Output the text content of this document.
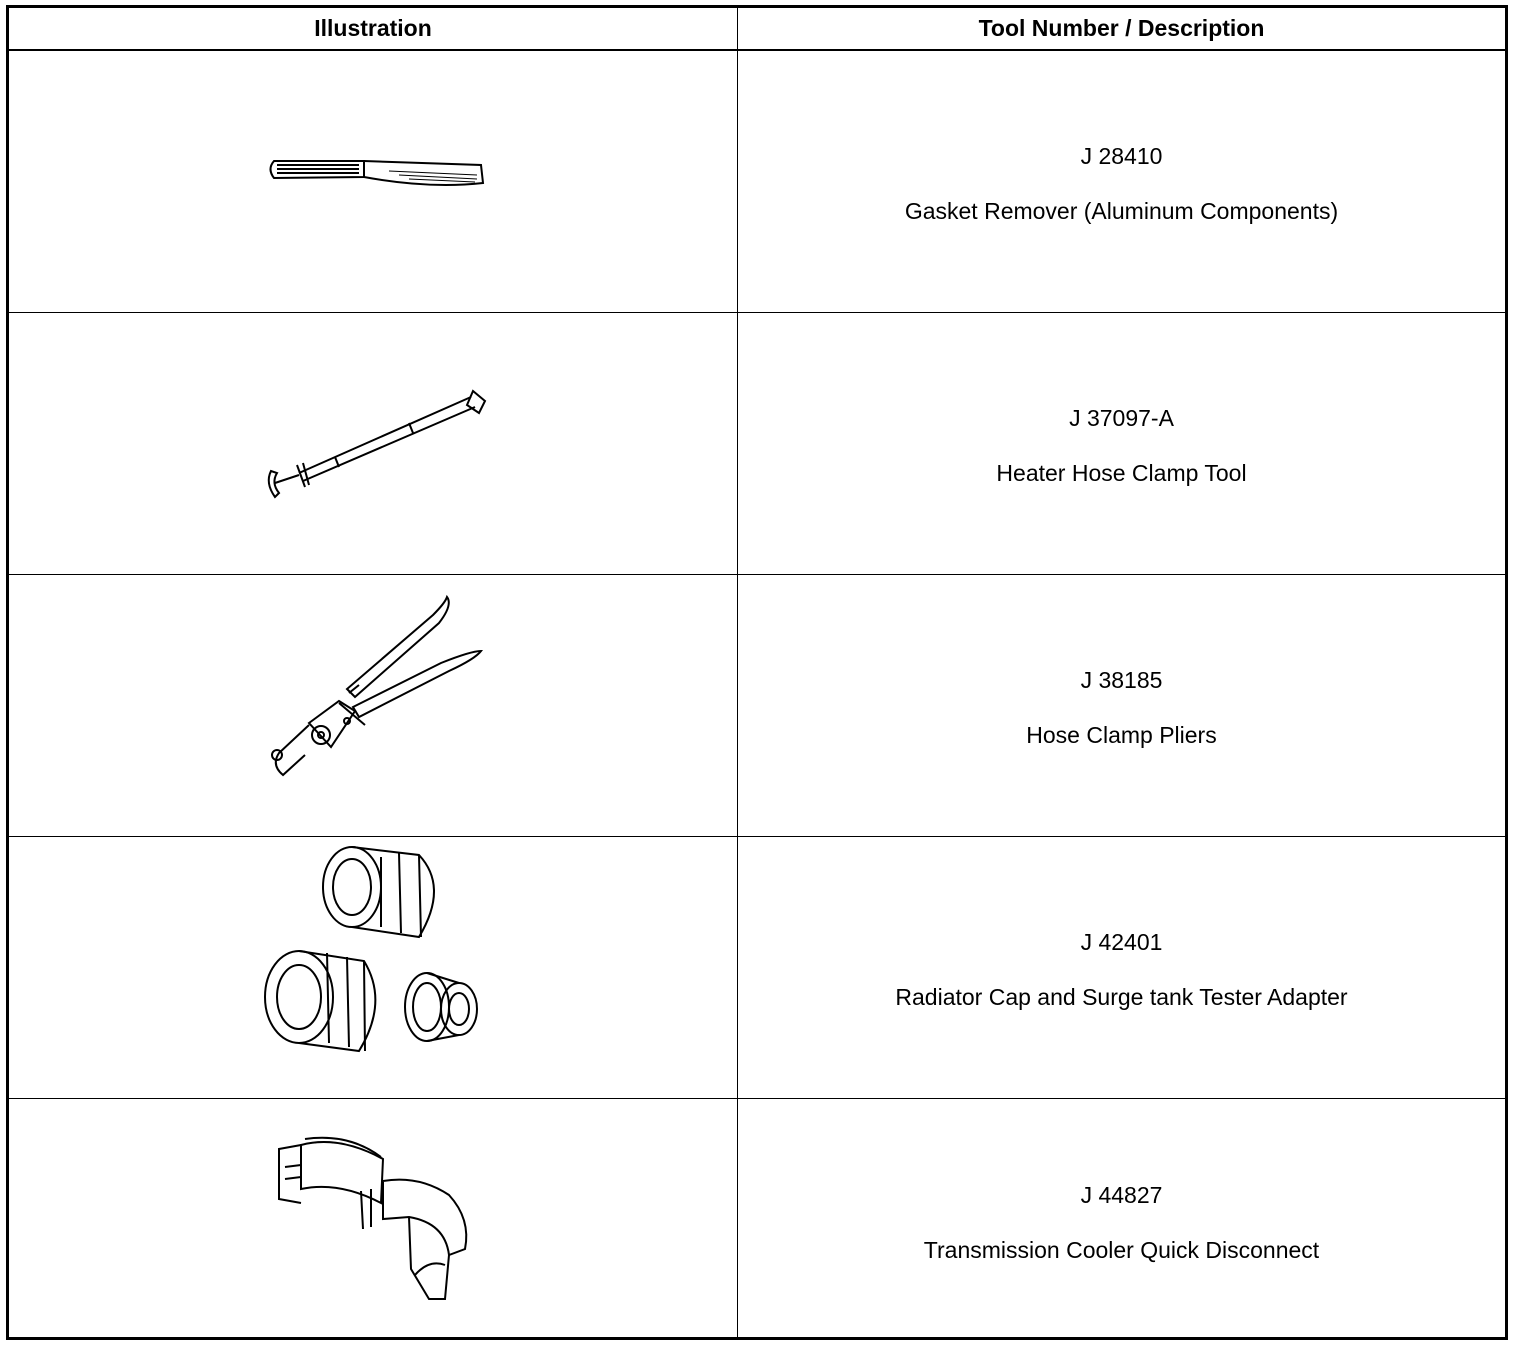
Illustration	Tool Number / Description
J 28410
Gasket Remover (Aluminum Components)
J 37097-A
Heater Hose Clamp Tool
J 38185
Hose Clamp Pliers
J 42401
Radiator Cap and Surge tank Tester Adapter
J 44827
Transmission Cooler Quick Disconnect
